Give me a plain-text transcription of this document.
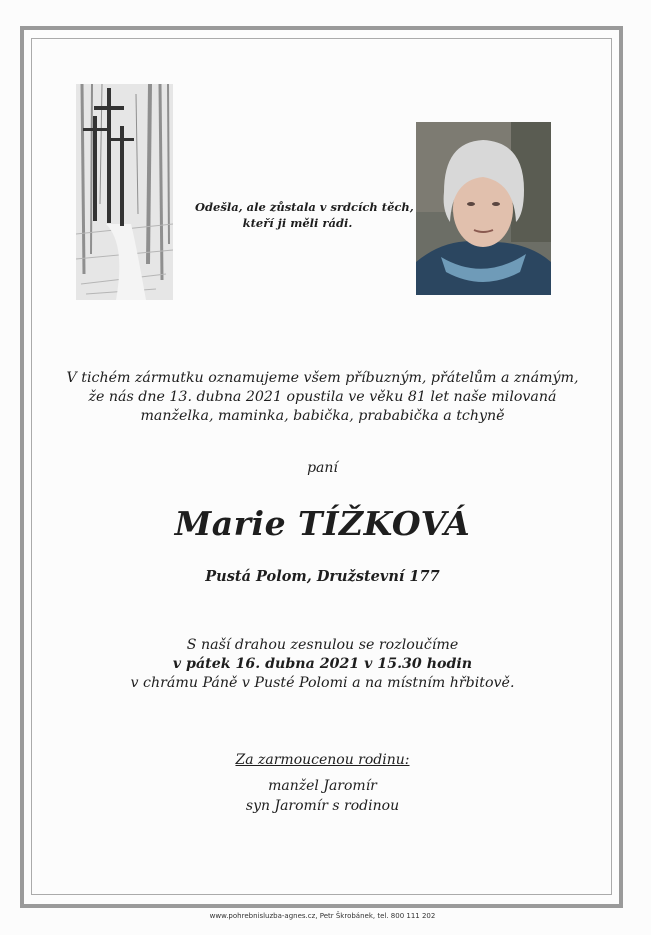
Odešla, ale zůstala v srdcích těch,
kteří ji měli rádi.
V tichém zármutku oznamujeme všem příbuzným, přátelům a známým,
že nás dne 13. dubna 2021 opustila ve věku 81 let naše milovaná
manželka, maminka, babička, prababička a tchyně
paní
Marie TÍŽKOVÁ
Pustá Polom, Družstevní 177
S naší drahou zesnulou se rozloučíme
v pátek 16. dubna 2021 v 15.30 hodin
v chrámu Páně v Pusté Polomi a na místním hřbitově.
Za zarmoucenou rodinu:
manžel Jaromír
syn Jaromír s rodinou
www.pohrebnisluzba-agnes.cz, Petr Škrobánek, tel. 800 111 202
